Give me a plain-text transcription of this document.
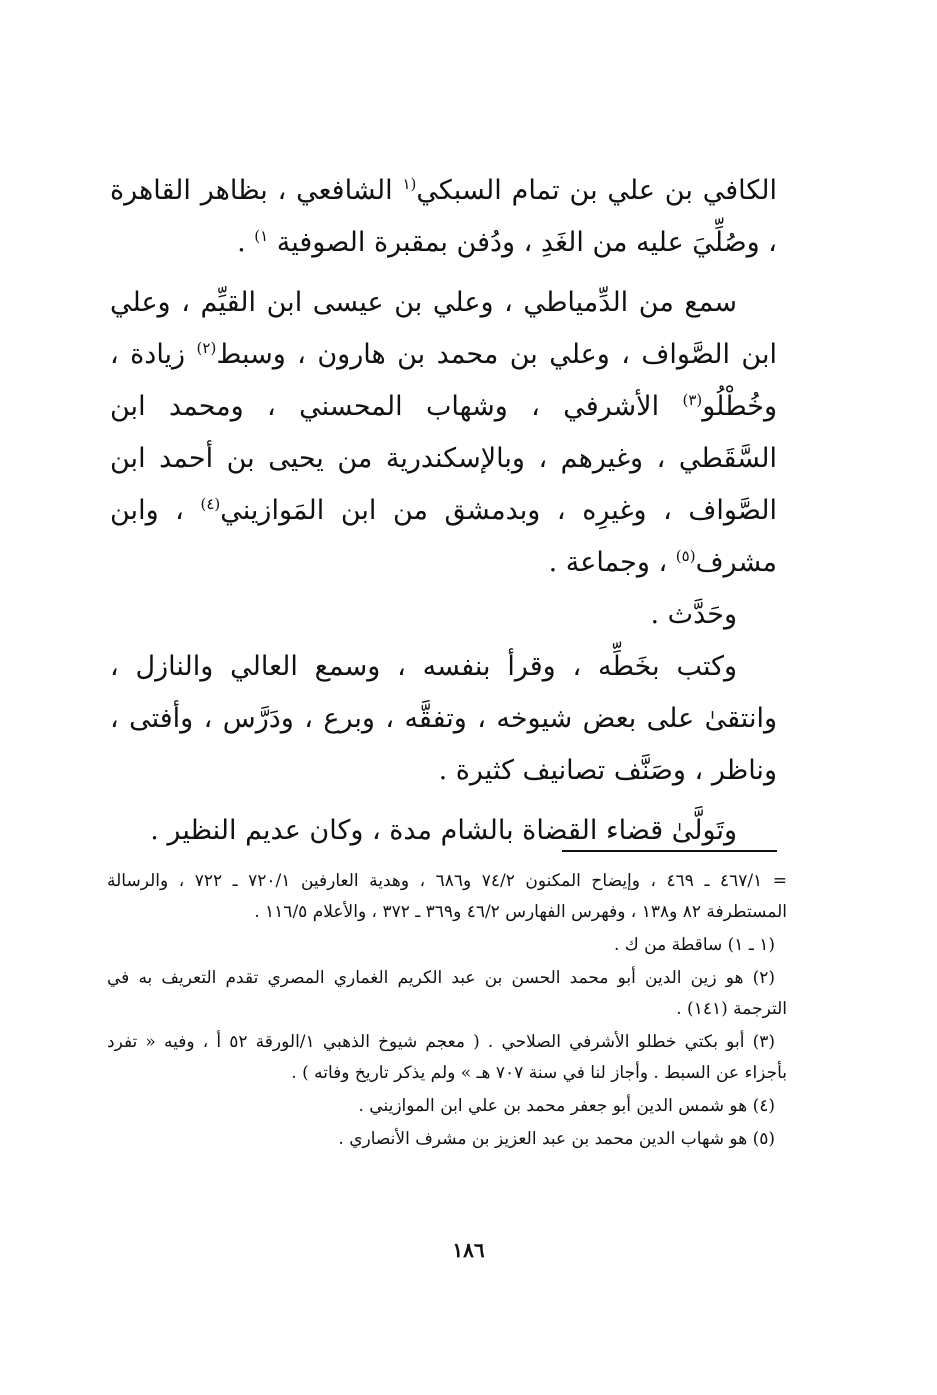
الكافي بن علي بن تمام السبكي$^{(١}$ الشافعي ، بظاهر القاهرة ، وصُلِّيَ عليه من الغَدِ ، ودُفن بمقبرة الصوفية $^{١)}$ .

سمع من الدِّمياطي ، وعلي بن عيسى ابن القيِّم ، وعلي ابن الصَّواف ، وعلي بن محمد بن هارون ، وسبط$^{(٢)}$ زيادة ، وخُطْلُو$^{(٣)}$ الأشرفي ، وشهاب المحسني ، ومحمد ابن السَّقَطي ، وغيرهم ، وبالإسكندرية من يحيى بن أحمد ابن الصَّواف ، وغيرِه ، وبدمشق من ابن المَوازيني$^{(٤)}$ ، وابن مشرف$^{(٥)}$ ، وجماعة .

وحَدَّث .

وكتب بخَطِّه ، وقرأ بنفسه ، وسمع العالي والنازل ، وانتقىٰ على بعض شيوخه ، وتفقَّه ، وبرع ، ودَرَّس ، وأفتى ، وناظر ، وصَنَّف تصانيف كثيرة .

وتَولَّىٰ قضاء القضاة بالشام مدة ، وكان عديم النظير .

= ٤٦٧/١ ـ ٤٦٩ ، وإيضاح المكنون ٧٤/٢ و٦٨٦ ، وهدية العارفين ٧٢٠/١ ـ ٧٢٢ ، والرسالة المستطرفة ٨٢ و١٣٨ ، وفهرس الفهارس ٤٦/٢ و٣٦٩ ـ ٣٧٢ ، والأعلام ١١٦/٥ .

(١ ـ ١) ساقطة من ك .

(٢) هو زين الدين أبو محمد الحسن بن عبد الكريم الغماري المصري تقدم التعريف به في الترجمة (١٤١) .

(٣) أبو بكتي خطلو الأشرفي الصلاحي . ( معجم شيوخ الذهبي ١/الورقة ٥٢ أ ، وفيه « تفرد بأجزاء عن السبط . وأجاز لنا في سنة ٧٠٧ هـ » ولم يذكر تاريخ وفاته ) .

(٤) هو شمس الدين أبو جعفر محمد بن علي ابن الموازيني .

(٥) هو شهاب الدين محمد بن عبد العزيز بن مشرف الأنصاري .

١٨٦
